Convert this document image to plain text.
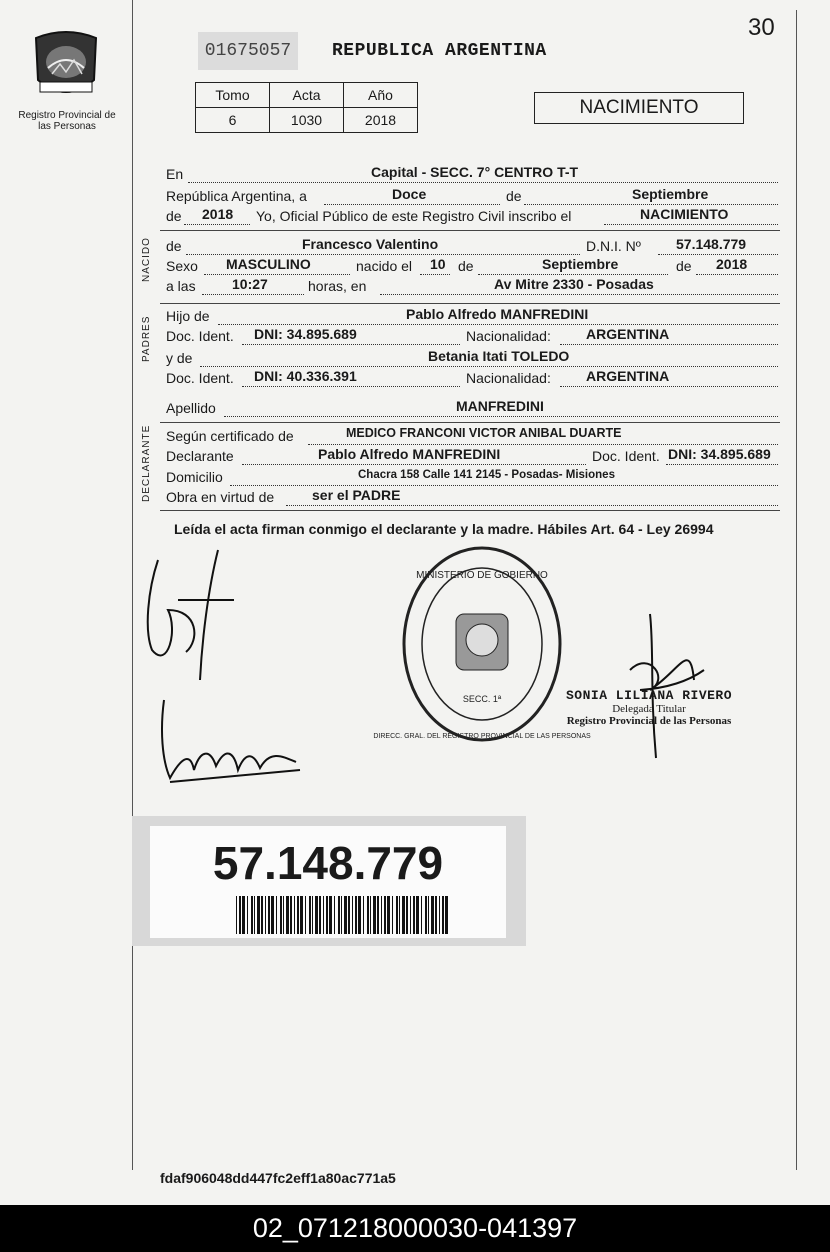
Registro Provincial de las Personas
30
01675057	REPUBLICA ARGENTINA
Tomo	Acta	Año
6	1030	2018
NACIMIENTO
NACIDO
PADRES
DECLARANTE
En	Capital - SECC. 7° CENTRO T-T
República Argentina, a	Doce	de	Septiembre
de 2018 Yo, Oficial Público de este Registro Civil inscribo el	NACIMIENTO
de	Francesco Valentino	D.N.I. Nº	57.148.779
Sexo MASCULINO	nacido el 10 de	Septiembre	de 2018
a las	10:27	horas, en	Av Mitre 2330 - Posadas
Hijo de	Pablo Alfredo MANFREDINI
Doc. Ident. DNI: 34.895.689	Nacionalidad:	ARGENTINA
y de	Betania Itati TOLEDO
Doc. Ident. DNI: 40.336.391	Nacionalidad:	ARGENTINA
Apellido	MANFREDINI
Según certificado de	MEDICO FRANCONI VICTOR ANIBAL DUARTE
Declarante	Pablo Alfredo MANFREDINI	Doc. Ident. DNI: 34.895.689
Domicilio	Chacra 158 Calle 141 2145 - Posadas- Misiones
Obra en virtud de	ser el PADRE
Leída el acta firman conmigo el declarante y la madre. Hábiles Art. 64 - Ley 26994
MINISTERIO DE GOBIERNO
SECC. 1ª
DIRECC. GRAL. DEL REGISTRO PROVINCIAL DE LAS PERSONAS
SONIA LILIANA RIVERO
Delegada Titular
Registro Provincial de las Personas
57.148.779
fdaf906048dd447fc2eff1a80ac771a5
02_071218000030-041397
